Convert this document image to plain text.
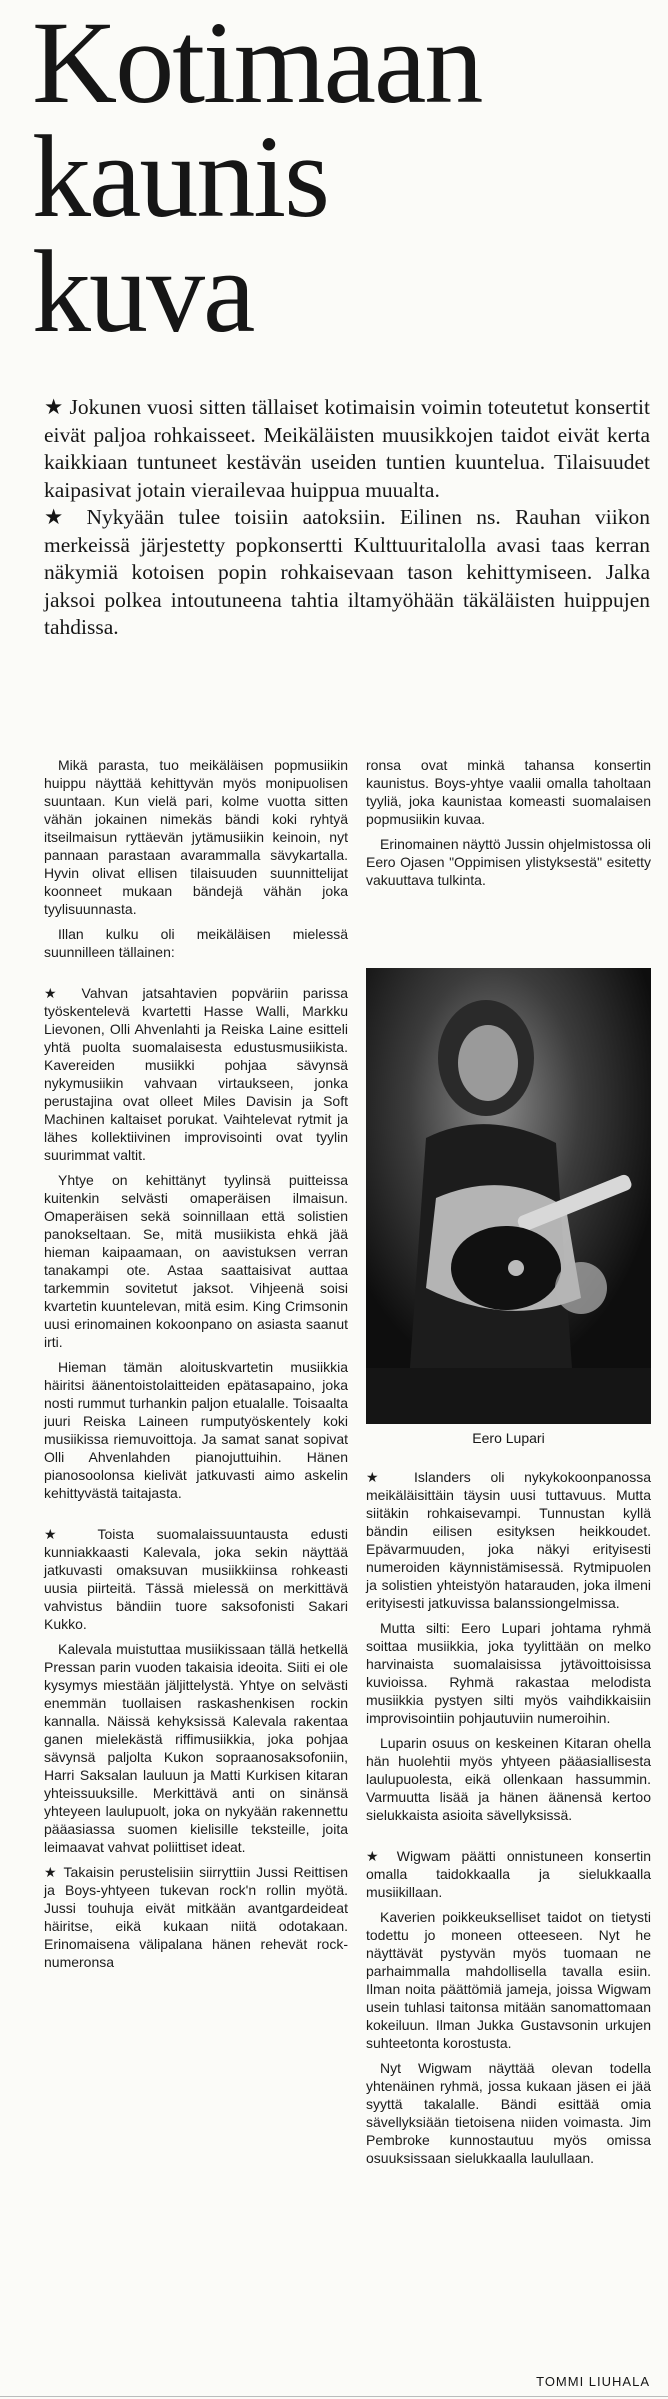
Kotimaan
kaunis
kuva

★ Jokunen vuosi sitten tällaiset kotimaisin voimin toteutetut konsertit eivät paljoa rohkaisseet. Meikäläisten muusikkojen taidot eivät kerta kaikkiaan tuntuneet kestävän useiden tuntien kuuntelua. Tilaisuudet kaipasivat jotain vierailevaa huippua muualta.

★ Nykyään tulee toisiin aatoksiin. Eilinen ns. Rauhan viikon merkeissä järjestetty popkonsertti Kulttuuritalolla avasi taas kerran näkymiä kotoisen popin rohkaisevaan tason kehittymiseen. Jalka jaksoi polkea intoutuneena tahtia iltamyöhään täkäläisten huippujen tahdissa.

Mikä parasta, tuo meikäläisen popmusiikin huippu näyttää kehittyvän myös monipuolisen suuntaan. Kun vielä pari, kolme vuotta sitten vähän jokainen nimekäs bändi koki ryhtyä itseilmaisun ryttäevän jytämusiikin keinoin, nyt pannaan parastaan avarammalla sävykartalla. Hyvin olivat ellisen tilaisuuden suunnittelijat koonneet mukaan bändejä vähän joka tyylisuunnasta.

Illan kulku oli meikäläisen mielessä suunnilleen tällainen:

★ Vahvan jatsahtavien popväriin parissa työskentelevä kvartetti Hasse Walli, Markku Lievonen, Olli Ahvenlahti ja Reiska Laine esitteli yhtä puolta suomalaisesta edustusmusiikista. Kavereiden musiikki pohjaa sävynsä nykymusiikin vahvaan virtaukseen, jonka perustajina ovat olleet Miles Davisin ja Soft Machinen kaltaiset porukat. Vaihtelevat rytmit ja lähes kollektiivinen improvisointi ovat tyylin suurimmat valtit.

Yhtye on kehittänyt tyylinsä puitteissa kuitenkin selvästi omaperäisen ilmaisun. Omaperäisen sekä soinnillaan että solistien panokseltaan. Se, mitä musiikista ehkä jää hieman kaipaamaan, on aavistuksen verran tanakampi ote. Astaa saattaisivat auttaa tarkemmin sovitetut jaksot. Vihjeenä soisi kvartetin kuuntelevan, mitä esim. King Crimsonin uusi erinomainen kokoonpano on asiasta saanut irti.

Hieman tämän aloituskvartetin musiikkia häiritsi äänentoistolaitteiden epätasapaino, joka nosti rummut turhankin paljon etualalle. Toisaalta juuri Reiska Laineen rumputyöskentely koki musiikissa riemuvoittoja. Ja samat sanat sopivat Olli Ahvenlahden pianojuttuihin. Hänen pianosoolonsa kielivät jatkuvasti aimo askelin kehittyvästä taitajasta.

★ Toista suomalaissuuntausta edusti kunniakkaasti Kalevala, joka sekin näyttää jatkuvasti omaksuvan musiikkiinsa rohkeasti uusia piirteitä. Tässä mielessä on merkittävä vahvistus bändiin tuore saksofonisti Sakari Kukko.

Kalevala muistuttaa musiikissaan tällä hetkellä Pressan parin vuoden takaisia ideoita. Siiti ei ole kysymys miestään jäljittelystä. Yhtye on selvästi enemmän tuollaisen raskashenkisen rockin kannalla. Näissä kehyksissä Kalevala rakentaa ganen mielekästä riffimusiikkia, joka pohjaa sävynsä paljolta Kukon sopraanosaksofoniin, Harri Saksalan lauluun ja Matti Kurkisen kitaran yhteissuuksille. Merkittävä anti on sinänsä yhteyeen laulupuolt, joka on nykyään rakennettu pääasiassa suomen kielisille teksteille, joita leimaavat vahvat poliittiset ideat.

★ Takaisin perustelisiin siirryttiin Jussi Reittisen ja Boys-yhtyeen tukevan rock'n rollin myötä. Jussi touhuja eivät mitkään avantgardeideat häiritse, eikä kukaan niitä odotakaan. Erinomaisena välipalana hänen rehevät rock-numeronsa

ronsa ovat minkä tahansa konsertin kaunistus. Boys-yhtye vaalii omalla taholtaan tyyliä, joka kaunistaa komeasti suomalaisen popmusiikin kuvaa.

Erinomainen näyttö Jussin ohjelmistossa oli Eero Ojasen "Oppimisen ylistyksestä" esitetty vakuuttava tulkinta.

Eero Lupari

★ Islanders oli nykykokoonpanossa meikäläisittäin täysin uusi tuttavuus. Mutta siitäkin rohkaisevampi. Tunnustan kyllä bändin eilisen esityksen heikkoudet. Epävarmuuden, joka näkyi erityisesti numeroiden käynnistämisessä. Rytmipuolen ja solistien yhteistyön hatarauden, joka ilmeni erityisesti jatkuvissa balanssiongelmissa.

Mutta silti: Eero Lupari johtama ryhmä soittaa musiikkia, joka tyylittään on melko harvinaista suomalaisissa jytävoittoisissa kuvioissa. Ryhmä rakastaa melodista musiikkia pystyen silti myös vaihdikkaisiin improvisointiin pohjautuviin numeroihin.

Luparin osuus on keskeinen Kitaran ohella hän huolehtii myös yhtyeen pääasiallisesta laulupuolesta, eikä ollenkaan hassummin. Varmuutta lisää ja hänen äänensä kertoo sielukkaista asioita sävellyksissä.

★ Wigwam päätti onnistuneen konsertin omalla taidokkaalla ja sielukkaalla musiikillaan.

Kaverien poikkeukselliset taidot on tietysti todettu jo moneen otteeseen. Nyt he näyttävät pystyvän myös tuomaan ne parhaimmalla mahdollisella tavalla esiin. Ilman noita päättömiä jameja, joissa Wigwam usein tuhlasi taitonsa mitään sanomattomaan kokeiluun. Ilman Jukka Gustavsonin urkujen suhteetonta korostusta.

Nyt Wigwam näyttää olevan todella yhtenäinen ryhmä, jossa kukaan jäsen ei jää syyttä takalalle. Bändi esittää omia sävellyksiään tietoisena niiden voimasta. Jim Pembroke kunnostautuu myös omissa osuuksissaan sielukkaalla laulullaan.

TOMMI LIUHALA
